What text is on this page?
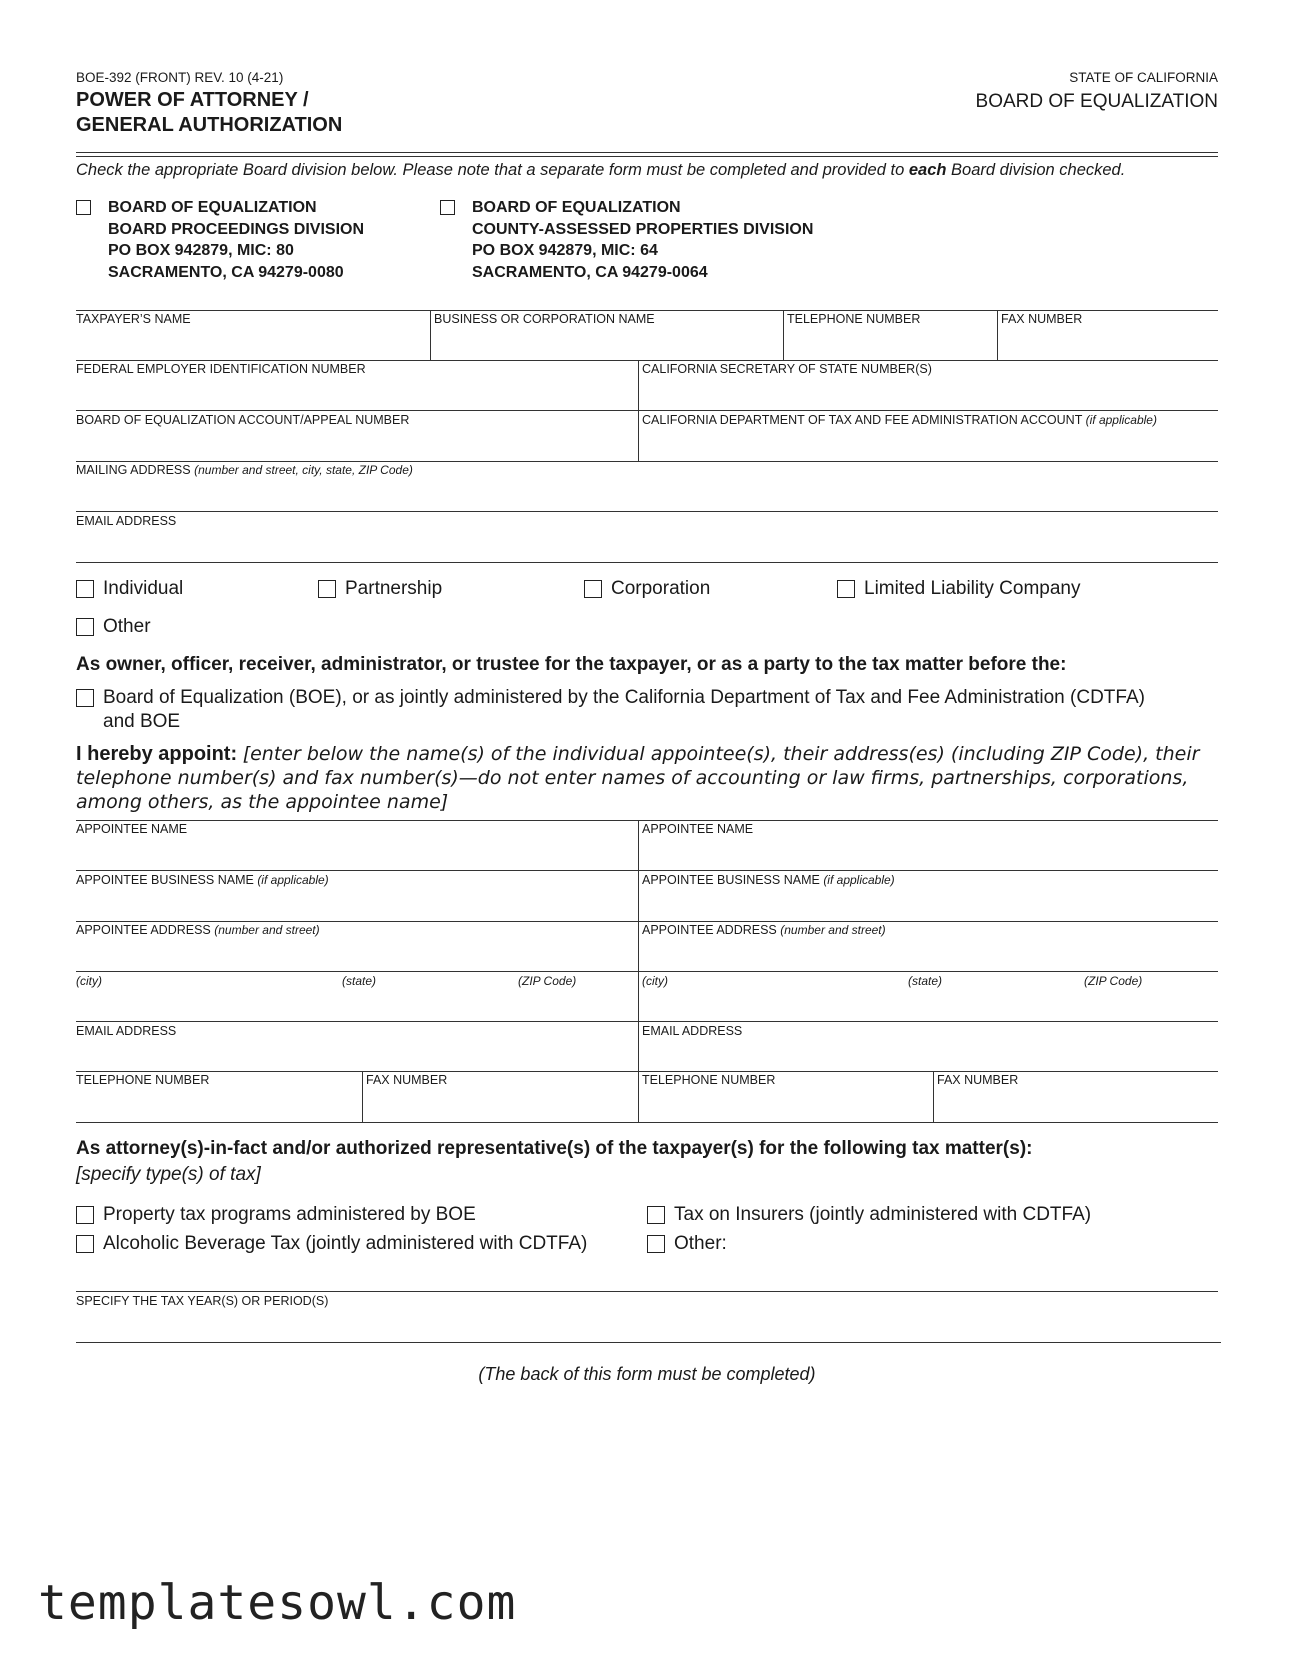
BOE-392 (FRONT) REV. 10 (4-21)
POWER OF ATTORNEY /
GENERAL AUTHORIZATION
STATE OF CALIFORNIA
BOARD OF EQUALIZATION
Check the appropriate Board division below. Please note that a separate form must be completed and provided to each Board division checked.
BOARD OF EQUALIZATION
BOARD PROCEEDINGS DIVISION
PO BOX 942879, MIC: 80
SACRAMENTO, CA 94279-0080
BOARD OF EQUALIZATION
COUNTY-ASSESSED PROPERTIES DIVISION
PO BOX 942879, MIC: 64
SACRAMENTO, CA 94279-0064
TAXPAYER’S NAME	BUSINESS OR CORPORATION NAME	TELEPHONE NUMBER	FAX NUMBER
FEDERAL EMPLOYER IDENTIFICATION NUMBER	CALIFORNIA SECRETARY OF STATE NUMBER(S)
BOARD OF EQUALIZATION ACCOUNT/APPEAL NUMBER	CALIFORNIA DEPARTMENT OF TAX AND FEE ADMINISTRATION ACCOUNT (if applicable)
MAILING ADDRESS (number and street, city, state, ZIP Code)
EMAIL ADDRESS
Individual	Partnership	Corporation	Limited Liability Company
Other
As owner, officer, receiver, administrator, or trustee for the taxpayer, or as a party to the tax matter before the:
Board of Equalization (BOE), or as jointly administered by the California Department of Tax and Fee Administration (CDTFA)
and BOE
I hereby appoint: [enter below the name(s) of the individual appointee(s), their address(es) (including ZIP Code), their telephone number(s) and fax number(s)—do not enter names of accounting or law firms, partnerships, corporations, among others, as the appointee name]
APPOINTEE NAME	APPOINTEE NAME
APPOINTEE BUSINESS NAME (if applicable)	APPOINTEE BUSINESS NAME (if applicable)
APPOINTEE ADDRESS (number and street)	APPOINTEE ADDRESS (number and street)
(city)	(state)	(ZIP Code)	(city)	(state)	(ZIP Code)
EMAIL ADDRESS	EMAIL ADDRESS
TELEPHONE NUMBER	FAX NUMBER	TELEPHONE NUMBER	FAX NUMBER
As attorney(s)-in-fact and/or authorized representative(s) of the taxpayer(s) for the following tax matter(s):
[specify type(s) of tax]
Property tax programs administered by BOE	Tax on Insurers (jointly administered with CDTFA)
Alcoholic Beverage Tax (jointly administered with CDTFA)	Other:
SPECIFY THE TAX YEAR(S) OR PERIOD(S)
(The back of this form must be completed)
templatesowl.com
